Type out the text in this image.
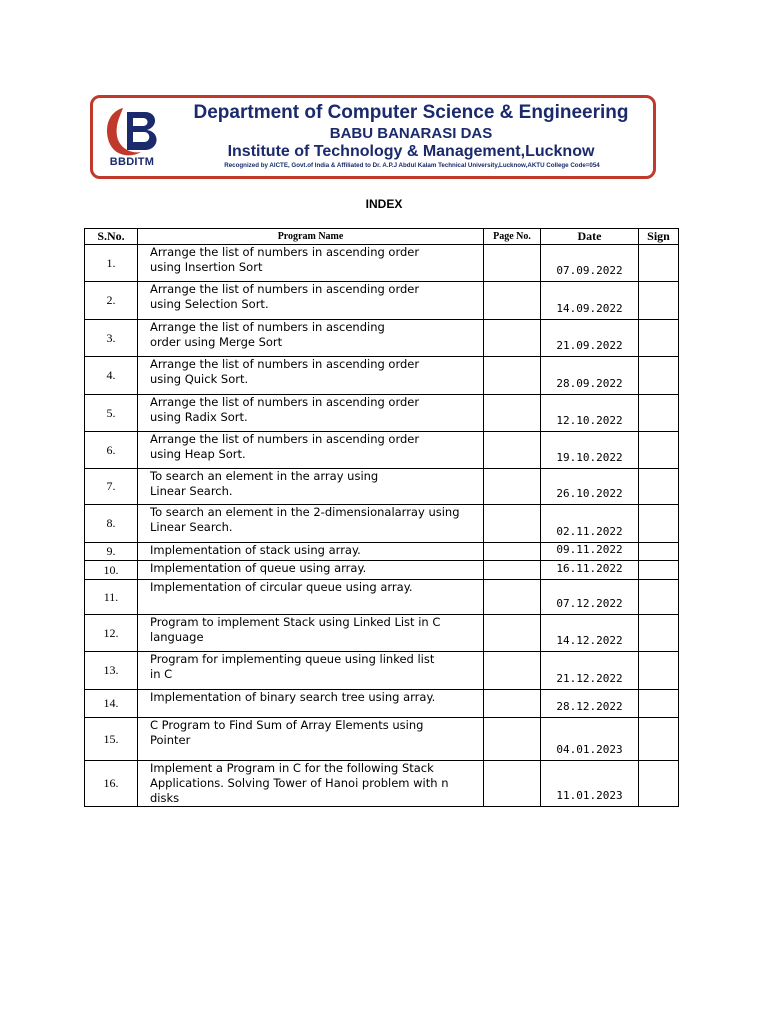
BBDITM
Department of Computer Science & Engineering
BABU BANARASI DAS
Institute of Technology & Management,Lucknow
Recognized by AICTE, Govt.of India & Affiliated to Dr. A.P.J Abdul Kalam Technical University,Lucknow,AKTU College Code=054
INDEX
S.No.	Program Name	Page No.	Date	Sign
1.	Arrange the list of numbers in ascending order
using Insertion Sort		07.09.2022	
2.	Arrange the list of numbers in ascending order
using Selection Sort.		14.09.2022	
3.	Arrange the list of numbers in ascending
order using Merge Sort		21.09.2022	
4.	Arrange the list of numbers in ascending order
using Quick Sort.		28.09.2022	
5.	Arrange the list of numbers in ascending order
using Radix Sort.		12.10.2022	
6.	Arrange the list of numbers in ascending order
using Heap Sort.		19.10.2022	
7.	To search an element in the array using
Linear Search.		26.10.2022	
8.	To search an element in the 2-dimensionalarray using
Linear Search.		02.11.2022	
9.	Implementation of stack using array.		09.11.2022	
10.	Implementation of queue using array.		16.11.2022	
11.	Implementation of circular queue using array.		07.12.2022	
12.	Program to implement Stack using Linked List in C
language		14.12.2022	
13.	Program for implementing queue using linked list
in C		21.12.2022	
14.	Implementation of binary search tree using array.		28.12.2022	
15.	C Program to Find Sum of Array Elements using
Pointer		04.01.2023	
16.	Implement a Program in C for the following Stack
Applications. Solving Tower of Hanoi problem with n
disks		11.01.2023	
